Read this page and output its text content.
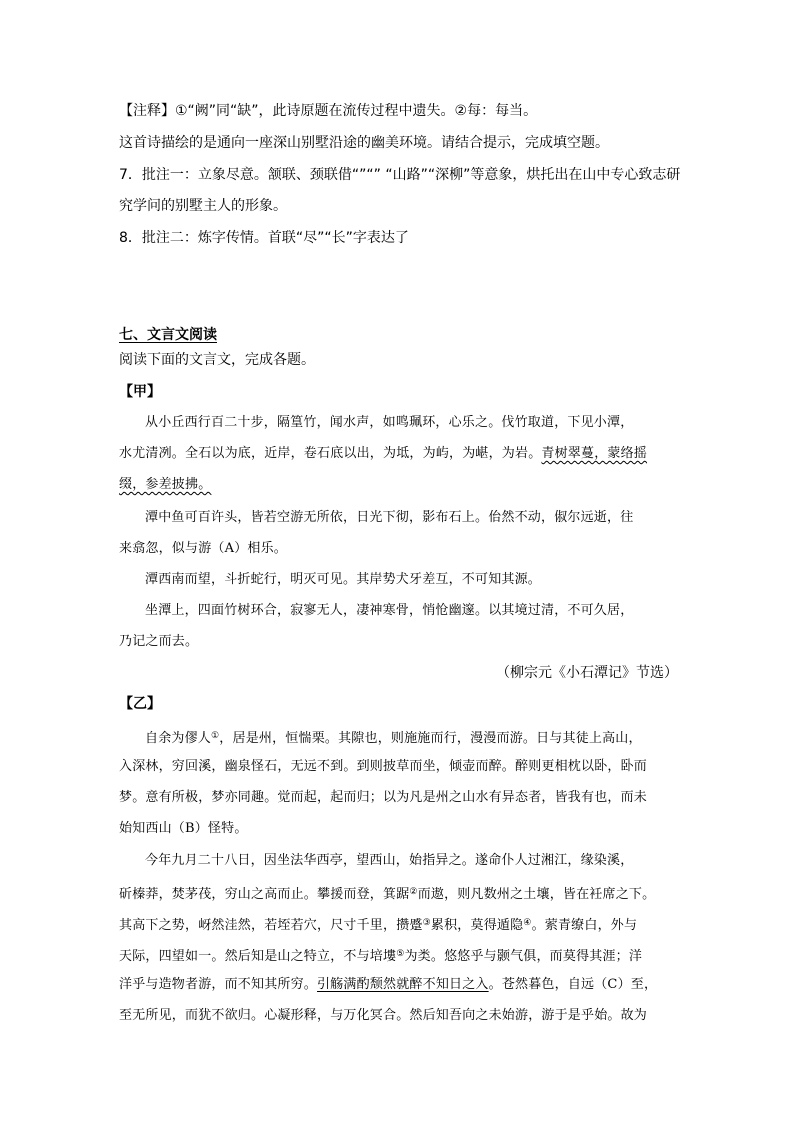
【注释】①“阙”同“缺”，此诗原题在流传过程中遗失。②每：每当。
这首诗描绘的是通向一座深山别墅沿途的幽美环境。请结合提示，完成填空题。
7．批注一：立象尽意。颔联、颈联借“”“” “山路”“深柳”等意象，烘托出在山中专心致志研
究学问的别墅主人的形象。
8．批注二：炼字传情。首联“尽”“长”字表达了
七、文言文阅读
阅读下面的文言文，完成各题。
【甲】
从小丘西行百二十步，隔篁竹，闻水声，如鸣珮环，心乐之。伐竹取道，下见小潭，
水尤清冽。全石以为底，近岸，卷石底以出，为坻，为屿，为嵁，为岩。青树翠蔓，蒙络摇
缀，参差披拂。
潭中鱼可百许头，皆若空游无所依，日光下彻，影布石上。佁然不动，俶尔远逝，往
来翕忽，似与游（A）相乐。
潭西南而望，斗折蛇行，明灭可见。其岸势犬牙差互，不可知其源。
坐潭上，四面竹树环合，寂寥无人，凄神寒骨，悄怆幽邃。以其境过清，不可久居，
乃记之而去。
（柳宗元《小石潭记》节选）
【乙】
自余为僇人①，居是州，恒惴栗。其隙也，则施施而行，漫漫而游。日与其徒上高山，
入深林，穷回溪，幽泉怪石，无远不到。到则披草而坐，倾壶而醉。醉则更相枕以卧，卧而
梦。意有所极，梦亦同趣。觉而起，起而归；以为凡是州之山水有异态者，皆我有也，而未
始知西山（B）怪特。
今年九月二十八日，因坐法华西亭，望西山，始指异之。遂命仆人过湘江，缘染溪，
斫榛莽，焚茅茷，穷山之高而止。攀援而登，箕踞②而遨，则凡数州之土壤，皆在衽席之下。
其高下之势，岈然洼然，若垤若穴，尺寸千里，攒蹙③累积，莫得遁隐④。萦青缭白，外与
天际，四望如一。然后知是山之特立，不与培塿⑤为类。悠悠乎与颢气俱，而莫得其涯；洋
洋乎与造物者游，而不知其所穷。引觞满酌颓然就醉不知日之入。苍然暮色，自远（C）至，
至无所见，而犹不欲归。心凝形释，与万化冥合。然后知吾向之未始游，游于是乎始。故为
